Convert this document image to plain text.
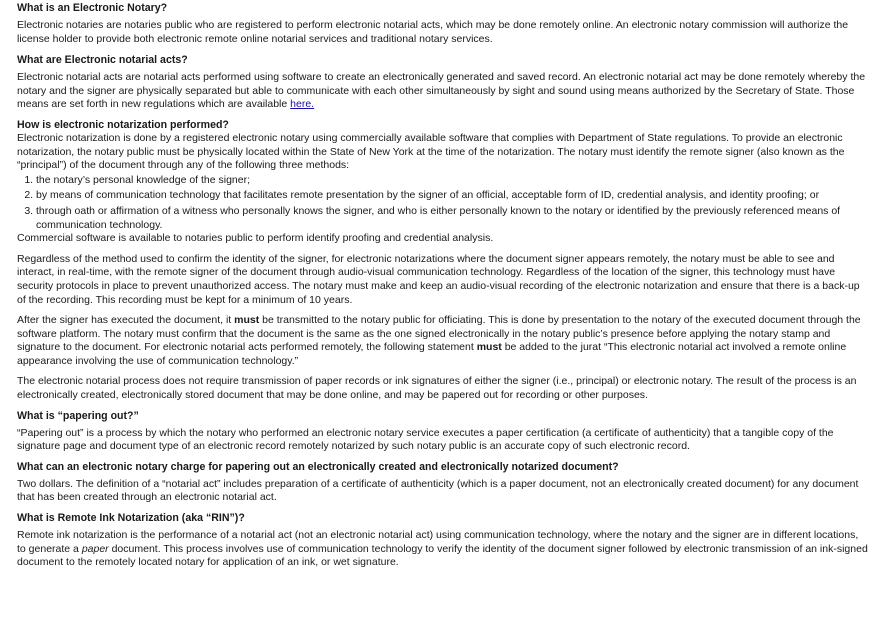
What is an Electronic Notary?

Electronic notaries are notaries public who are registered to perform electronic notarial acts, which may be done remotely online. An electronic notary commission will authorize the license holder to provide both electronic remote online notarial services and traditional notary services.

What are Electronic notarial acts?

Electronic notarial acts are notarial acts performed using software to create an electronically generated and saved record. An electronic notarial act may be done remotely whereby the notary and the signer are physically separated but able to communicate with each other simultaneously by sight and sound using means authorized by the Secretary of State. Those means are set forth in new regulations which are available here.

How is electronic notarization performed?

Electronic notarization is done by a registered electronic notary using commercially available software that complies with Department of State regulations. To provide an electronic notarization, the notary public must be physically located within the State of New York at the time of the notarization. The notary must identify the remote signer (also known as the “principal”) of the document through any of the following three methods:

1. the notary’s personal knowledge of the signer;
2. by means of communication technology that facilitates remote presentation by the signer of an official, acceptable form of ID, credential analysis, and identity proofing; or
3. through oath or affirmation of a witness who personally knows the signer, and who is either personally known to the notary or identified by the previously referenced means of communication technology.

Commercial software is available to notaries public to perform identify proofing and credential analysis.

Regardless of the method used to confirm the identity of the signer, for electronic notarizations where the document signer appears remotely, the notary must be able to see and interact, in real-time, with the remote signer of the document through audio-visual communication technology. Regardless of the location of the signer, this technology must have security protocols in place to prevent unauthorized access. The notary must make and keep an audio-visual recording of the electronic notarization and ensure that there is a back-up of the recording. This recording must be kept for a minimum of 10 years.

After the signer has executed the document, it must be transmitted to the notary public for officiating. This is done by presentation to the notary of the executed document through the software platform. The notary must confirm that the document is the same as the one signed electronically in the notary public’s presence before applying the notary stamp and signature to the document. For electronic notarial acts performed remotely, the following statement must be added to the jurat “This electronic notarial act involved a remote online appearance involving the use of communication technology.”

The electronic notarial process does not require transmission of paper records or ink signatures of either the signer (i.e., principal) or electronic notary. The result of the process is an electronically created, electronically stored document that may be done online, and may be papered out for recording or other purposes.

What is “papering out?”

“Papering out” is a process by which the notary who performed an electronic notary service executes a paper certification (a certificate of authenticity) that a tangible copy of the signature page and document type of an electronic record remotely notarized by such notary public is an accurate copy of such electronic record.

What can an electronic notary charge for papering out an electronically created and electronically notarized document?

Two dollars. The definition of a “notarial act” includes preparation of a certificate of authenticity (which is a paper document, not an electronically created document) for any document that has been created through an electronic notarial act.

What is Remote Ink Notarization (aka “RIN”)?

Remote ink notarization is the performance of a notarial act (not an electronic notarial act) using communication technology, where the notary and the signer are in different locations, to generate a paper document. This process involves use of communication technology to verify the identity of the document signer followed by electronic transmission of an ink-signed document to the remotely located notary for application of an ink, or wet signature.
